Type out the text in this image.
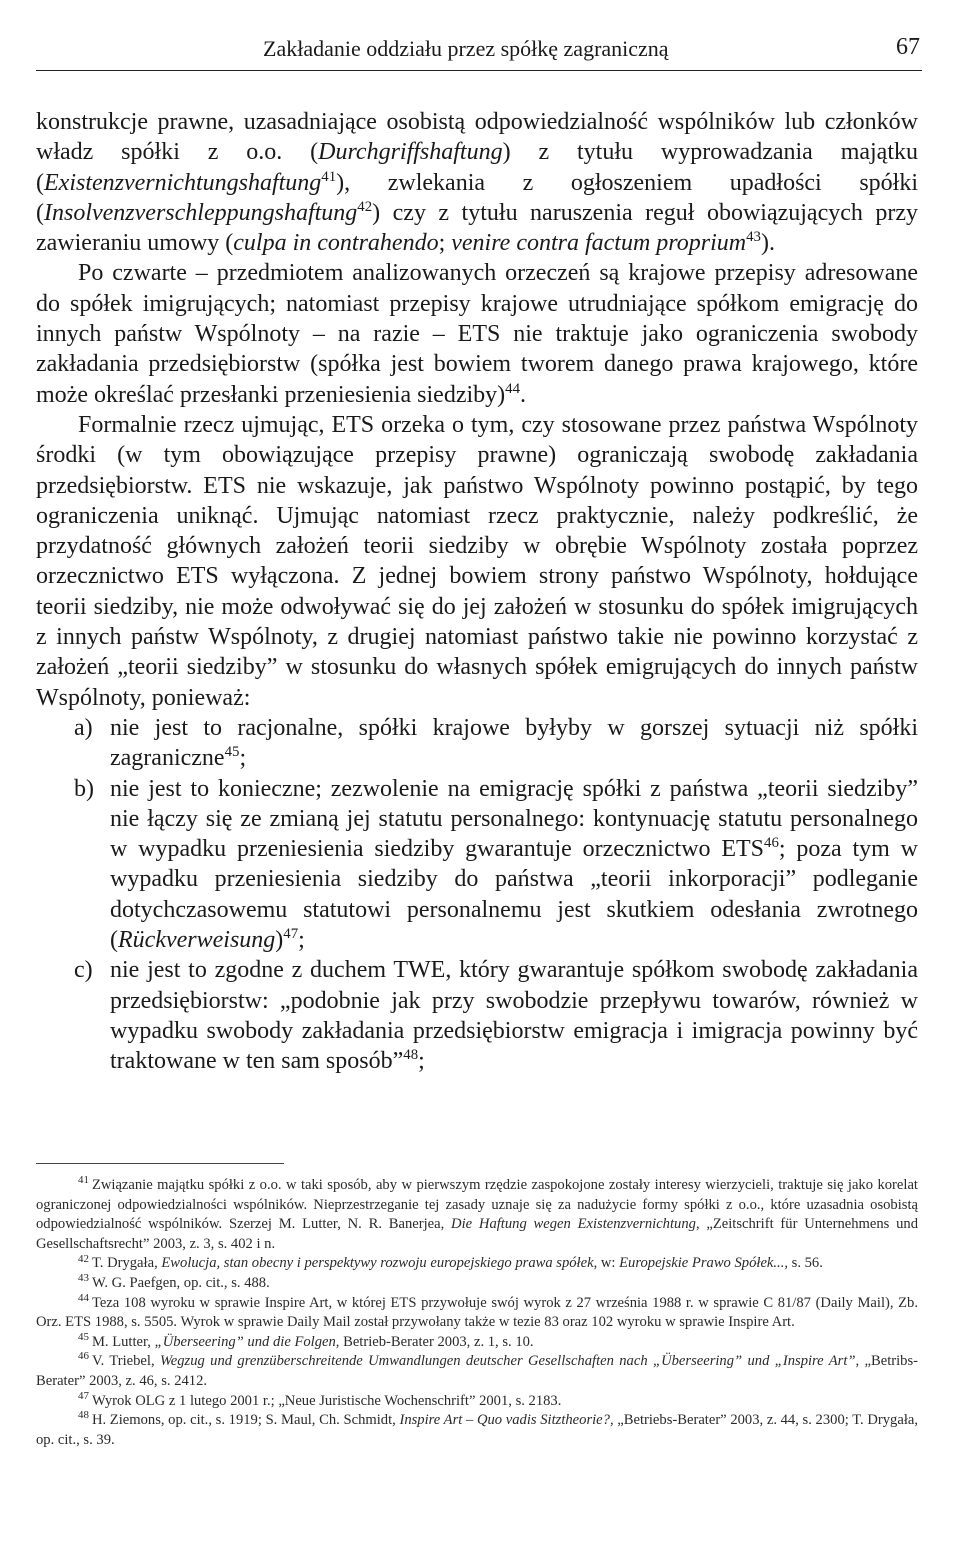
Zakładanie oddziału przez spółkę zagraniczną	67

konstrukcje prawne, uzasadniające osobistą odpowiedzialność wspólników lub członków władz spółki z o.o. (Durchgriffshaftung) z tytułu wyprowadzania majątku (Existenzvernichtungshaftung$^{41}$), zwlekania z ogłoszeniem upadłości spółki (Insolvenzverschleppungshaftung$^{42}$) czy z tytułu naruszenia reguł obowiązujących przy zawieraniu umowy (culpa in contrahendo; venire contra factum proprium$^{43}$).

Po czwarte – przedmiotem analizowanych orzeczeń są krajowe przepisy adresowane do spółek imigrujących; natomiast przepisy krajowe utrudniające spółkom emigrację do innych państw Wspólnoty – na razie – ETS nie traktuje jako ograniczenia swobody zakładania przedsiębiorstw (spółka jest bowiem tworem danego prawa krajowego, które może określać przesłanki przeniesienia siedziby)$^{44}$.

Formalnie rzecz ujmując, ETS orzeka o tym, czy stosowane przez państwa Wspólnoty środki (w tym obowiązujące przepisy prawne) ograniczają swobodę zakładania przedsiębiorstw. ETS nie wskazuje, jak państwo Wspólnoty powinno postąpić, by tego ograniczenia uniknąć. Ujmując natomiast rzecz praktycznie, należy podkreślić, że przydatność głównych założeń teorii siedziby w obrębie Wspólnoty została poprzez orzecznictwo ETS wyłączona. Z jednej bowiem strony państwo Wspólnoty, hołdujące teorii siedziby, nie może odwoływać się do jej założeń w stosunku do spółek imigrujących z innych państw Wspólnoty, z drugiej natomiast państwo takie nie powinno korzystać z założeń „teorii siedziby” w stosunku do własnych spółek emigrujących do innych państw Wspólnoty, ponieważ:

a) nie jest to racjonalne, spółki krajowe byłyby w gorszej sytuacji niż spółki zagraniczne$^{45}$;
b) nie jest to konieczne; zezwolenie na emigrację spółki z państwa „teorii siedziby” nie łączy się ze zmianą jej statutu personalnego: kontynuację statutu personalnego w wypadku przeniesienia siedziby gwarantuje orzecznictwo ETS$^{46}$; poza tym w wypadku przeniesienia siedziby do państwa „teorii inkorporacji” podleganie dotychczasowemu statutowi personalnemu jest skutkiem odesłania zwrotnego (Rückverweisung)$^{47}$;
c) nie jest to zgodne z duchem TWE, który gwarantuje spółkom swobodę zakładania przedsiębiorstw: „podobnie jak przy swobodzie przepływu towarów, również w wypadku swobody zakładania przedsiębiorstw emigracja i imigracja powinny być traktowane w ten sam sposób”$^{48}$;

$^{41}$ Związanie majątku spółki z o.o. w taki sposób, aby w pierwszym rzędzie zaspokojone zostały interesy wierzycieli, traktuje się jako korelat ograniczonej odpowiedzialności wspólników. Nieprzestrzeganie tej zasady uznaje się za nadużycie formy spółki z o.o., które uzasadnia osobistą odpowiedzialność wspólników. Szerzej M. Lutter, N. R. Banerjea, Die Haftung wegen Existenzvernichtung, „Zeitschrift für Unternehmens und Gesellschaftsrecht” 2003, z. 3, s. 402 i n.

$^{42}$ T. Drygała, Ewolucja, stan obecny i perspektywy rozwoju europejskiego prawa spółek, w: Europejskie Prawo Spółek..., s. 56.

$^{43}$ W. G. Paefgen, op. cit., s. 488.

$^{44}$ Teza 108 wyroku w sprawie Inspire Art, w której ETS przywołuje swój wyrok z 27 września 1988 r. w sprawie C 81/87 (Daily Mail), Zb. Orz. ETS 1988, s. 5505. Wyrok w sprawie Daily Mail został przywołany także w tezie 83 oraz 102 wyroku w sprawie Inspire Art.

$^{45}$ M. Lutter, „Überseering” und die Folgen, Betrieb-Berater 2003, z. 1, s. 10.

$^{46}$ V. Triebel, Wegzug und grenzüberschreitende Umwandlungen deutscher Gesellschaften nach „Überseering” und „Inspire Art”, „Betribs-Berater” 2003, z. 46, s. 2412.

$^{47}$ Wyrok OLG z 1 lutego 2001 r.; „Neue Juristische Wochenschrift” 2001, s. 2183.

$^{48}$ H. Ziemons, op. cit., s. 1919; S. Maul, Ch. Schmidt, Inspire Art – Quo vadis Sitztheorie?, „Betriebs-Berater” 2003, z. 44, s. 2300; T. Drygała, op. cit., s. 39.
